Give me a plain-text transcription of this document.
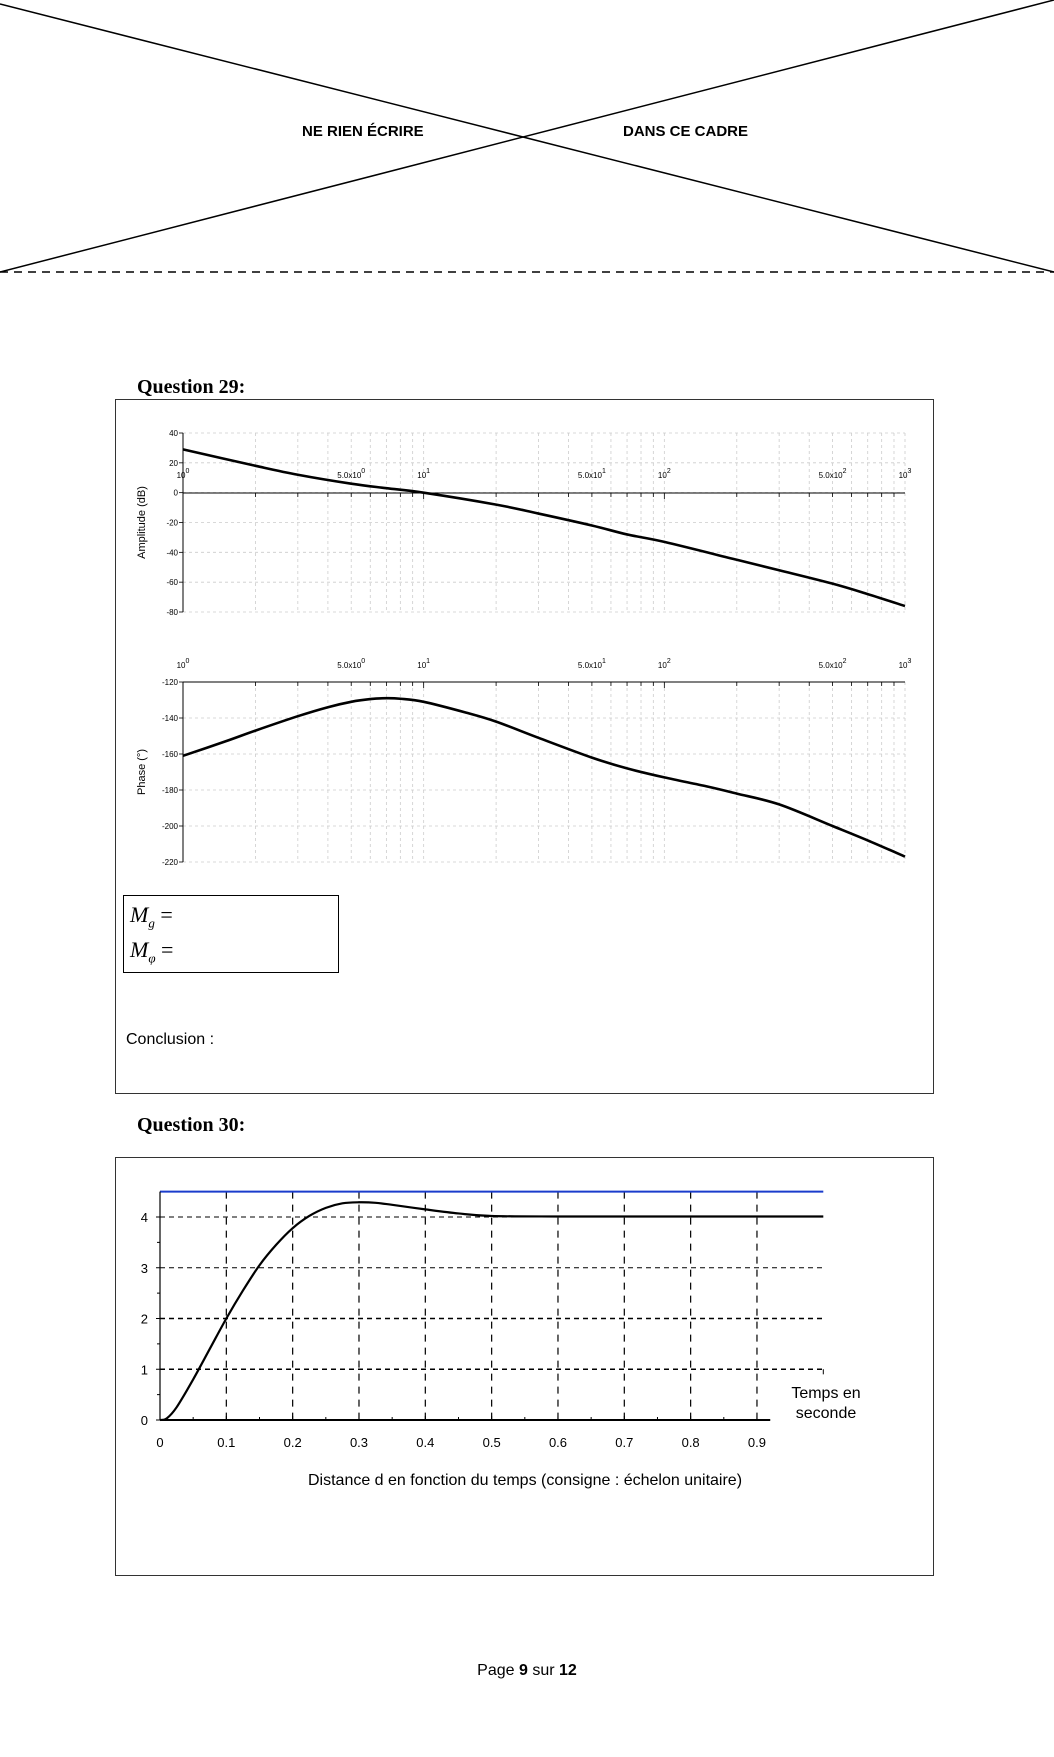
NE RIEN ÉCRIRE	DANS CE CADRE
Question 29:
40
20
0
-20
-40
-60
-80
100	5.0x100	101	5.0x101	102	5.0x102	103
Amplitude (dB)
-120
-140
-160
-180
-200
-220
100	5.0x100	101	5.0x101	102	5.0x102	103
Phase (°)
$M_g$ =
$M_\varphi$ =
Conclusion :
Question 30:
0	0.1	0.2	0.3	0.4	0.5	0.6	0.7	0.8	0.9
0
1
2
3
4
Temps en
seconde
Distance d en fonction du temps (consigne : échelon unitaire)
Page 9 sur 12
